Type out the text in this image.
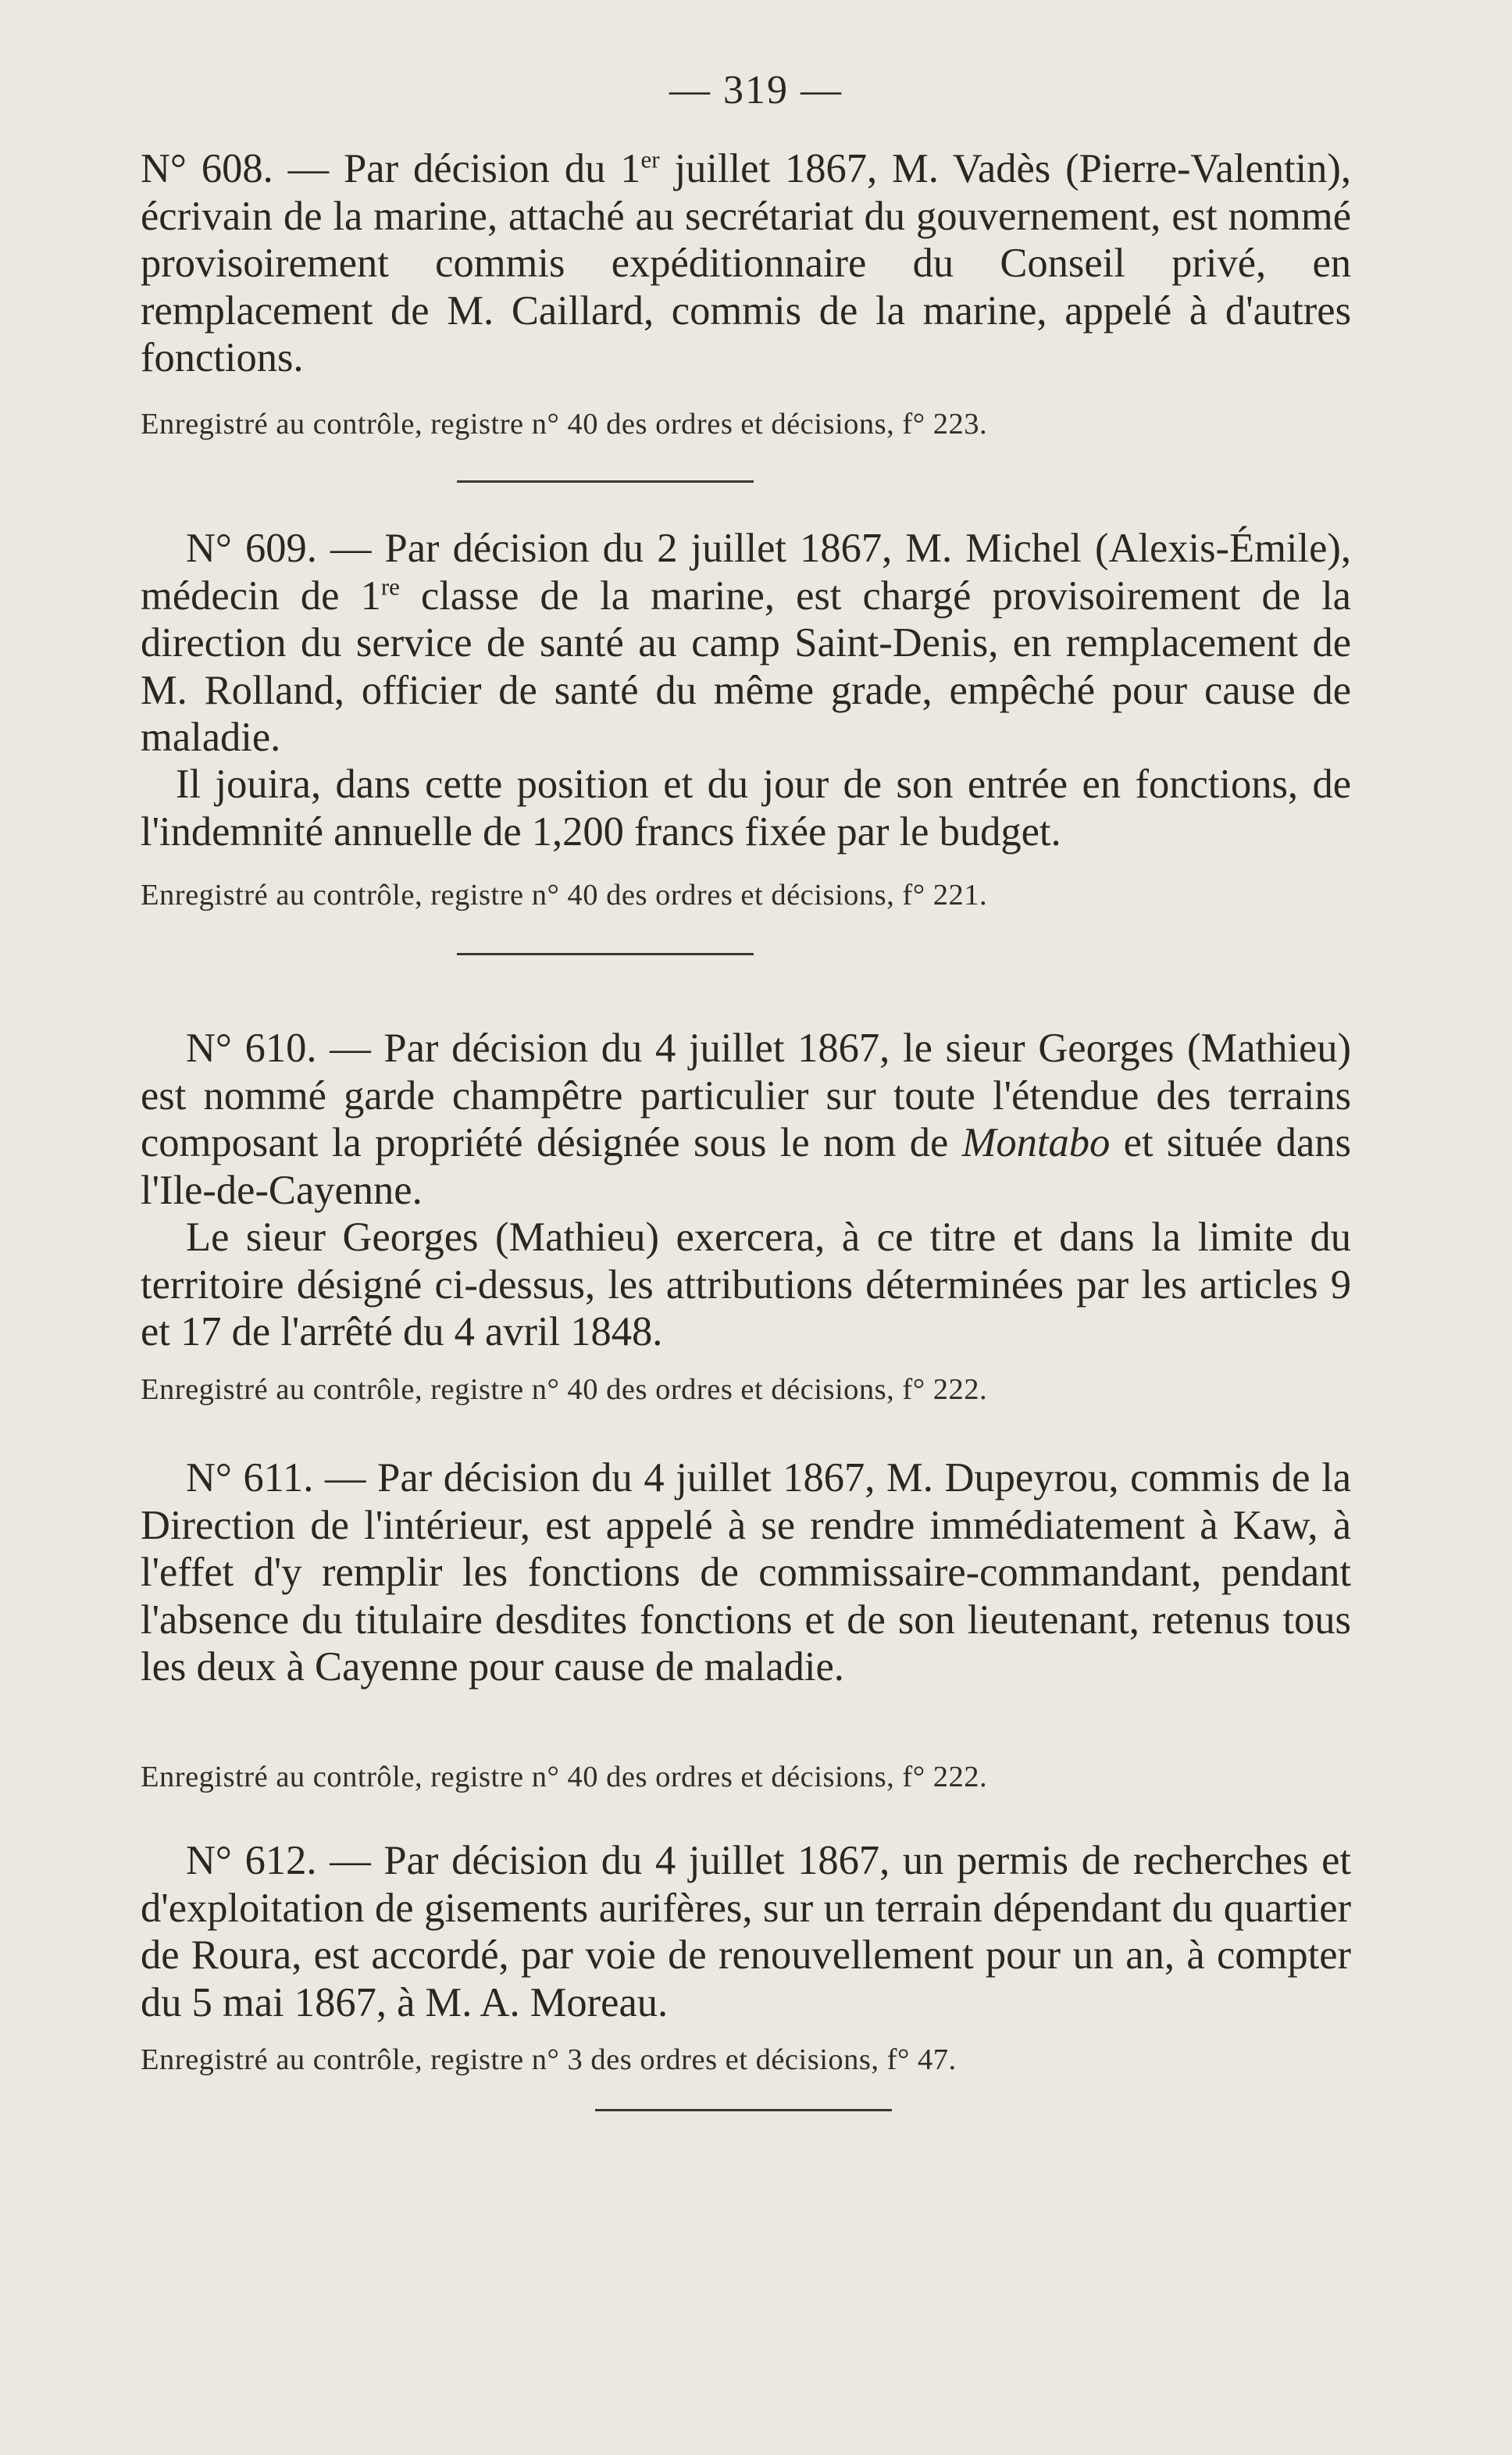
— 319 —

N° 608. — Par décision du 1er juillet 1867, M. Vadès (Pierre-Valentin), écrivain de la marine, attaché au secrétariat du gouvernement, est nommé provisoirement commis expéditionnaire du Conseil privé, en remplacement de M. Caillard, commis de la marine, appelé à d'autres fonctions.

Enregistré au contrôle, registre n° 40 des ordres et décisions, f° 223.

N° 609. — Par décision du 2 juillet 1867, M. Michel (Alexis-Émile), médecin de 1re classe de la marine, est chargé provisoirement de la direction du service de santé au camp Saint-Denis, en remplacement de M. Rolland, officier de santé du même grade, empêché pour cause de maladie.

Il jouira, dans cette position et du jour de son entrée en fonctions, de l'indemnité annuelle de 1,200 francs fixée par le budget.

Enregistré au contrôle, registre n° 40 des ordres et décisions, f° 221.

N° 610. — Par décision du 4 juillet 1867, le sieur Georges (Mathieu) est nommé garde champêtre particulier sur toute l'étendue des terrains composant la propriété désignée sous le nom de Montabo et située dans l'Ile-de-Cayenne.

Le sieur Georges (Mathieu) exercera, à ce titre et dans la limite du territoire désigné ci-dessus, les attributions déterminées par les articles 9 et 17 de l'arrêté du 4 avril 1848.

Enregistré au contrôle, registre n° 40 des ordres et décisions, f° 222.

N° 611. — Par décision du 4 juillet 1867, M. Dupeyrou, commis de la Direction de l'intérieur, est appelé à se rendre immédiatement à Kaw, à l'effet d'y remplir les fonctions de commissaire-commandant, pendant l'absence du titulaire desdites fonctions et de son lieutenant, retenus tous les deux à Cayenne pour cause de maladie.

Enregistré au contrôle, registre n° 40 des ordres et décisions, f° 222.

N° 612. — Par décision du 4 juillet 1867, un permis de recherches et d'exploitation de gisements aurifères, sur un terrain dépendant du quartier de Roura, est accordé, par voie de renouvellement pour un an, à compter du 5 mai 1867, à M. A. Moreau.

Enregistré au contrôle, registre n° 3 des ordres et décisions, f° 47.
